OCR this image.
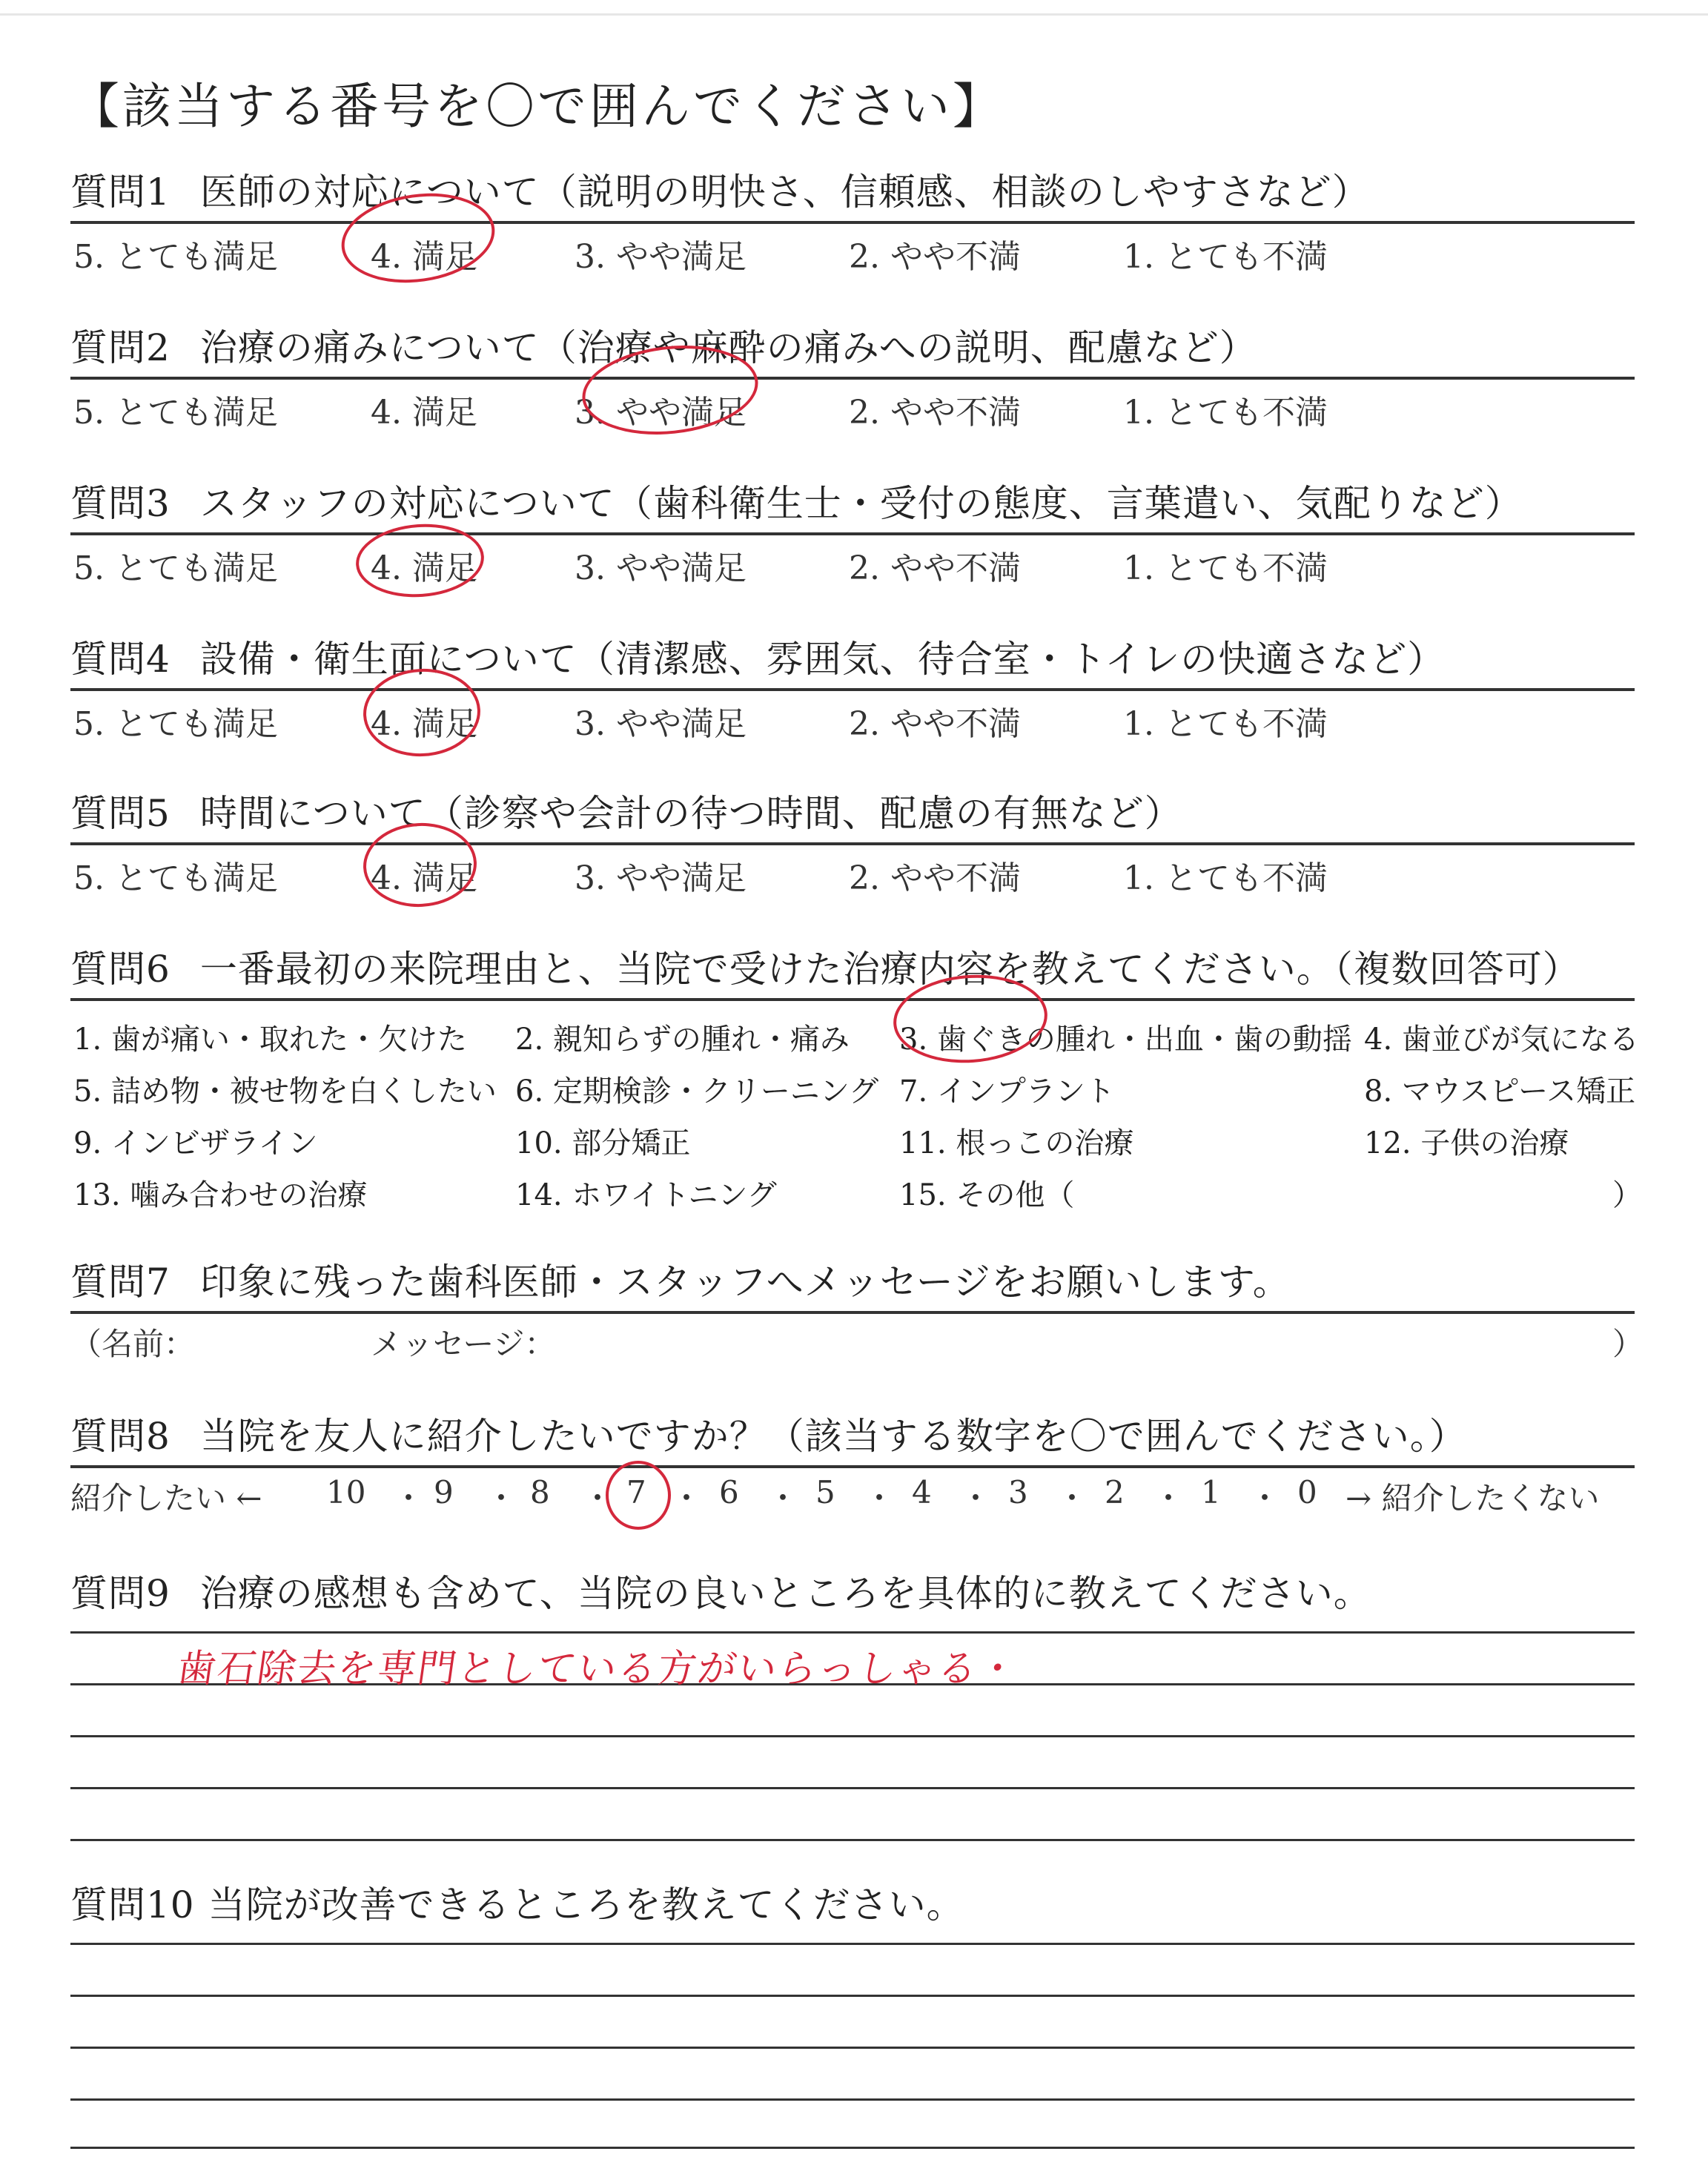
【該当する番号を〇で囲んでください】
質問1 医師の対応について（説明の明快さ、信頼感、相談のしやすさなど）
5. とても満足	4. 満足	3. やや満足	2. やや不満	1. とても不満
質問2 治療の痛みについて（治療や麻酔の痛みへの説明、配慮など）
5. とても満足	4. 満足	3. やや満足	2. やや不満	1. とても不満
質問3 スタッフの対応について（歯科衛生士・受付の態度、言葉遣い、気配りなど）
5. とても満足	4. 満足	3. やや満足	2. やや不満	1. とても不満
質問4 設備・衛生面について（清潔感、雰囲気、待合室・トイレの快適さなど）
5. とても満足	4. 満足	3. やや満足	2. やや不満	1. とても不満
質問5 時間について（診察や会計の待つ時間、配慮の有無など）
5. とても満足	4. 満足	3. やや満足	2. やや不満	1. とても不満
質問6 一番最初の来院理由と、当院で受けた治療内容を教えてください。（複数回答可）
1. 歯が痛い・取れた・欠けた 2. 親知らずの腫れ・痛み 3. 歯ぐきの腫れ・出血・歯の動揺 4. 歯並びが気になる
5. 詰め物・被せ物を白くしたい 6. 定期検診・クリーニング 7. インプラント	8. マウスピース矯正
9. インビザライン	10. 部分矯正	11. 根っこの治療	12. 子供の治療
13. 噛み合わせの治療	14. ホワイトニング	15. その他（	）
質問7 印象に残った歯科医師・スタッフへメッセージをお願いします。
（名前：	メッセージ：	）
質問8 当院を友人に紹介したいですか？（該当する数字を〇で囲んでください。）
紹介したい ← 10 ・ 9 ・ 8 ・ 7 ・ 6 ・ 5 ・ 4 ・ 3 ・ 2 ・ 1 ・ 0 → 紹介したくない
質問9 治療の感想も含めて、当院の良いところを具体的に教えてください。
歯石除去を専門としている方がいらっしゃる・
質問10 当院が改善できるところを教えてください。
